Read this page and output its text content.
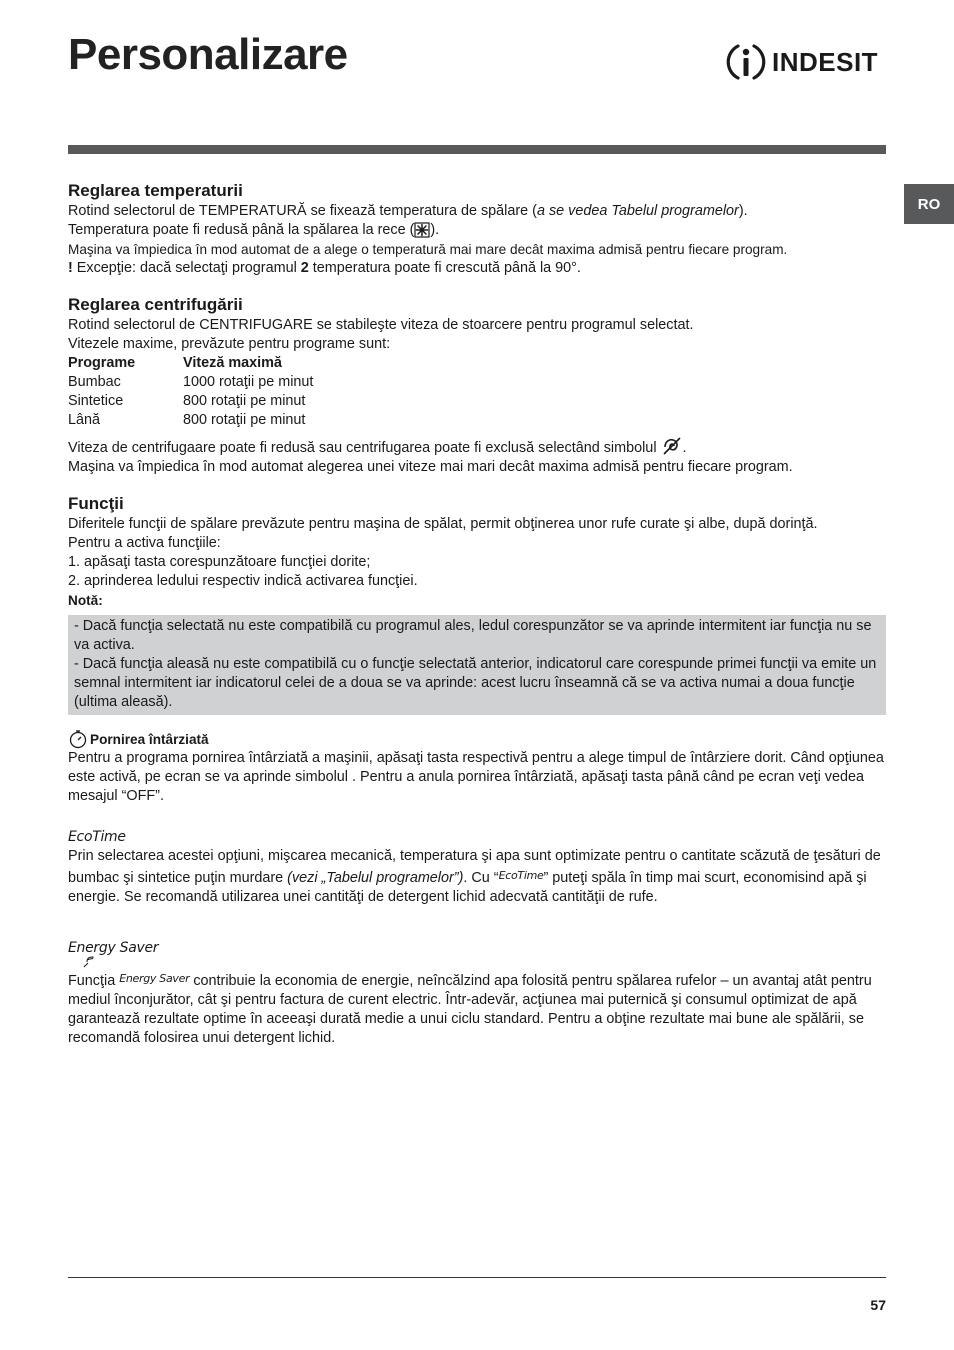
Personalizare	INDESIT
RO
Reglarea temperaturii

Rotind selectorul de TEMPERATURĂ se fixează temperatura de spălare (a se vedea Tabelul programelor).

Temperatura poate fi redusă până la spălarea la rece ( ).

Maşina va împiedica în mod automat de a alege o temperatură mai mare decât maxima admisă pentru fiecare program.

! Excepţie: dacă selectaţi programul 2 temperatura poate fi crescută până la 90°.

Reglarea centrifugării

Rotind selectorul de CENTRIFUGARE se stabileşte viteza de stoarcere pentru programul selectat.

Vitezele maxime, prevăzute pentru programe sunt:

Programe	Viteză maximă
Bumbac	1000 rotaţii pe minut
Sintetice	800 rotaţii pe minut
Lână	800 rotaţii pe minut

Viteza de centrifugaare poate fi redusă sau centrifugarea poate fi exclusă selectând simbolul .

Maşina va împiedica în mod automat alegerea unei viteze mai mari decât maxima admisă pentru fiecare program.

Funcţii

Diferitele funcţii de spălare prevăzute pentru maşina de spălat, permit obţinerea unor rufe curate şi albe, după dorinţă.

Pentru a activa funcţiile:

1. apăsaţi tasta corespunzătoare funcţiei dorite;

2. aprinderea ledului respectiv indică activarea funcţiei.

Notă:

- Dacă funcţia selectată nu este compatibilă cu programul ales, ledul corespunzător se va aprinde intermitent iar funcţia nu se va activa.

- Dacă funcţia aleasă nu este compatibilă cu o funcţie selectată anterior, indicatorul care corespunde primei funcţii va emite un semnal intermitent iar indicatorul celei de a doua se va aprinde: acest lucru înseamnă că se va activa numai a doua funcţie (ultima aleasă).

Pornirea întârziată

Pentru a programa pornirea întârziată a maşinii, apăsaţi tasta respectivă pentru a alege timpul de întârziere dorit. Când opţiunea este activă, pe ecran se va aprinde simbolul . Pentru a anula pornirea întârziată, apăsaţi tasta până când pe ecran veţi vedea mesajul “OFF”.

EcoTime

Prin selectarea acestei opţiuni, mişcarea mecanică, temperatura şi apa sunt optimizate pentru o cantitate scăzută de ţesături de bumbac şi sintetice puţin murdare (vezi „Tabelul programelor”). Cu “$^{EcoTime}$” puteţi spăla în timp mai scurt, economisind apă şi energie. Se recomandă utilizarea unei cantităţi de detergent lichid adecvată cantităţii de rufe.

Energy Saver

Funcţia $^{Energy Saver}$ contribuie la economia de energie, neîncălzind apa folosită pentru spălarea rufelor – un avantaj atât pentru mediul înconjurător, cât şi pentru factura de curent electric. Într-adevăr, acţiunea mai puternică şi consumul optimizat de apă garantează rezultate optime în aceeaşi durată medie a unui ciclu standard. Pentru a obţine rezultate mai bune ale spălării, se recomandă folosirea unui detergent lichid.

57
